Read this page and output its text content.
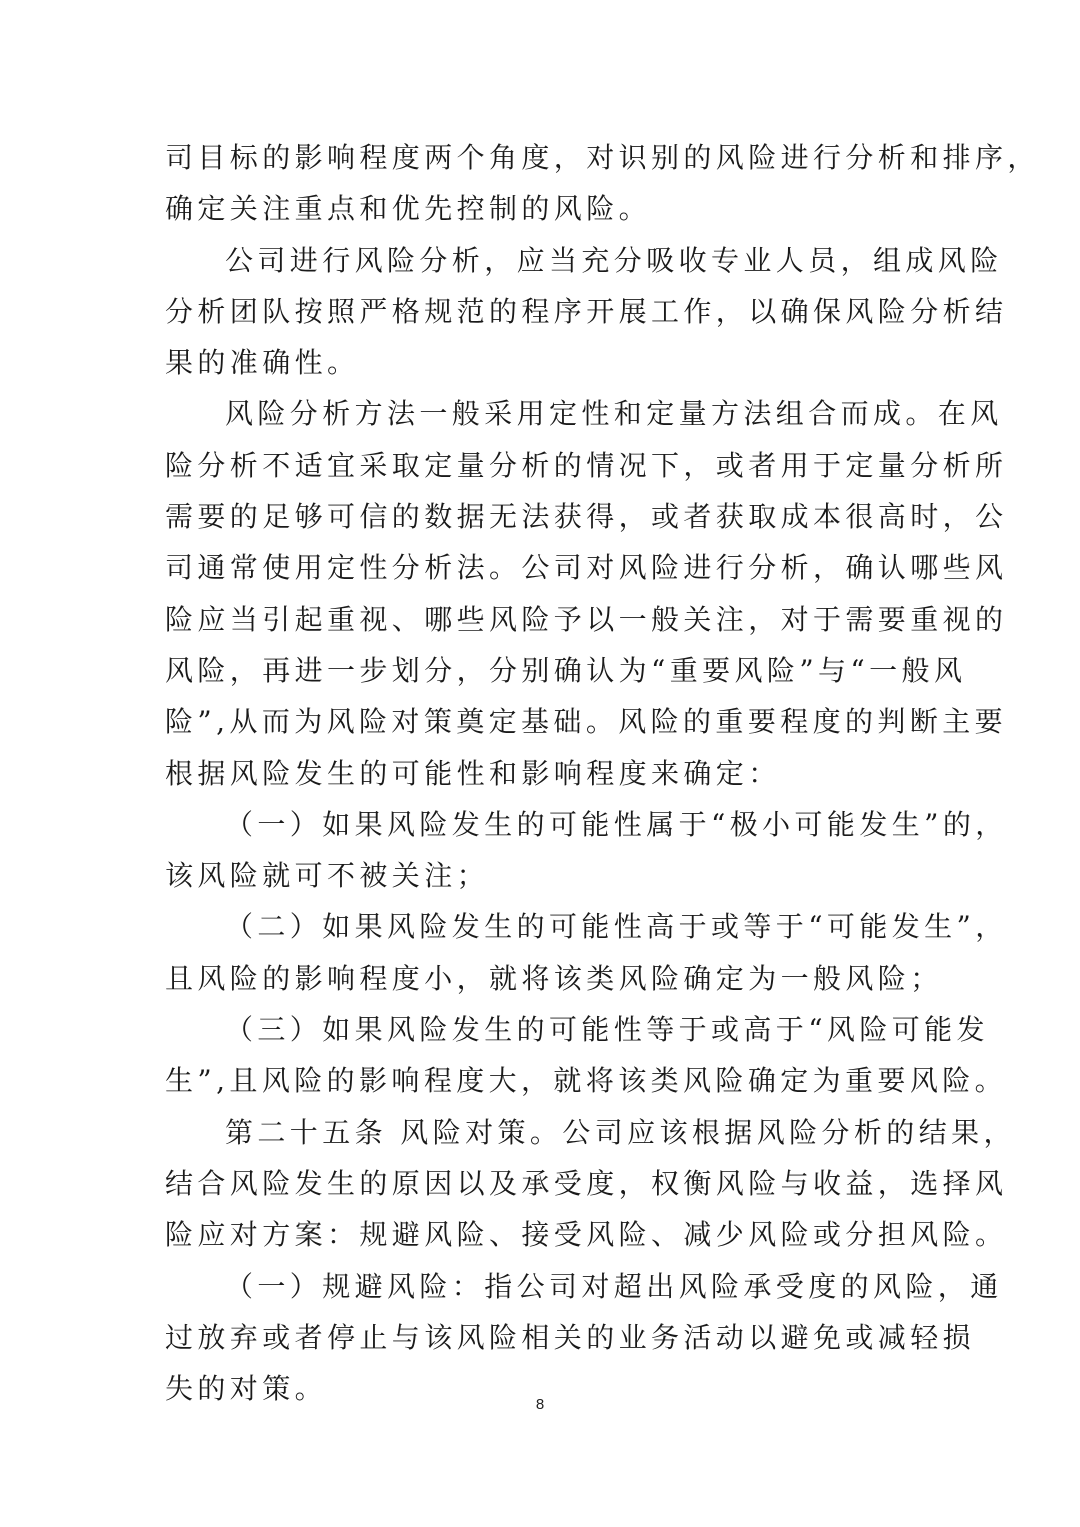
司目标的影响程度两个角度，对识别的风险进行分析和排序，
确定关注重点和优先控制的风险。
公司进行风险分析，应当充分吸收专业人员，组成风险
分析团队按照严格规范的程序开展工作，以确保风险分析结
果的准确性。
风险分析方法一般采用定性和定量方法组合而成。在风
险分析不适宜采取定量分析的情况下，或者用于定量分析所
需要的足够可信的数据无法获得，或者获取成本很高时，公
司通常使用定性分析法。公司对风险进行分析，确认哪些风
险应当引起重视、哪些风险予以一般关注，对于需要重视的
风险，再进一步划分，分别确认为“重要风险”与“一般风
险”,从而为风险对策奠定基础。风险的重要程度的判断主要
根据风险发生的可能性和影响程度来确定：
（一）如果风险发生的可能性属于“极小可能发生”的，
该风险就可不被关注；
（二）如果风险发生的可能性高于或等于“可能发生”，
且风险的影响程度小，就将该类风险确定为一般风险；
（三）如果风险发生的可能性等于或高于“风险可能发
生”,且风险的影响程度大，就将该类风险确定为重要风险。
第二十五条 风险对策。公司应该根据风险分析的结果，
结合风险发生的原因以及承受度，权衡风险与收益，选择风
险应对方案：规避风险、接受风险、减少风险或分担风险。
（一）规避风险：指公司对超出风险承受度的风险，通
过放弃或者停止与该风险相关的业务活动以避免或减轻损
失的对策。	8
